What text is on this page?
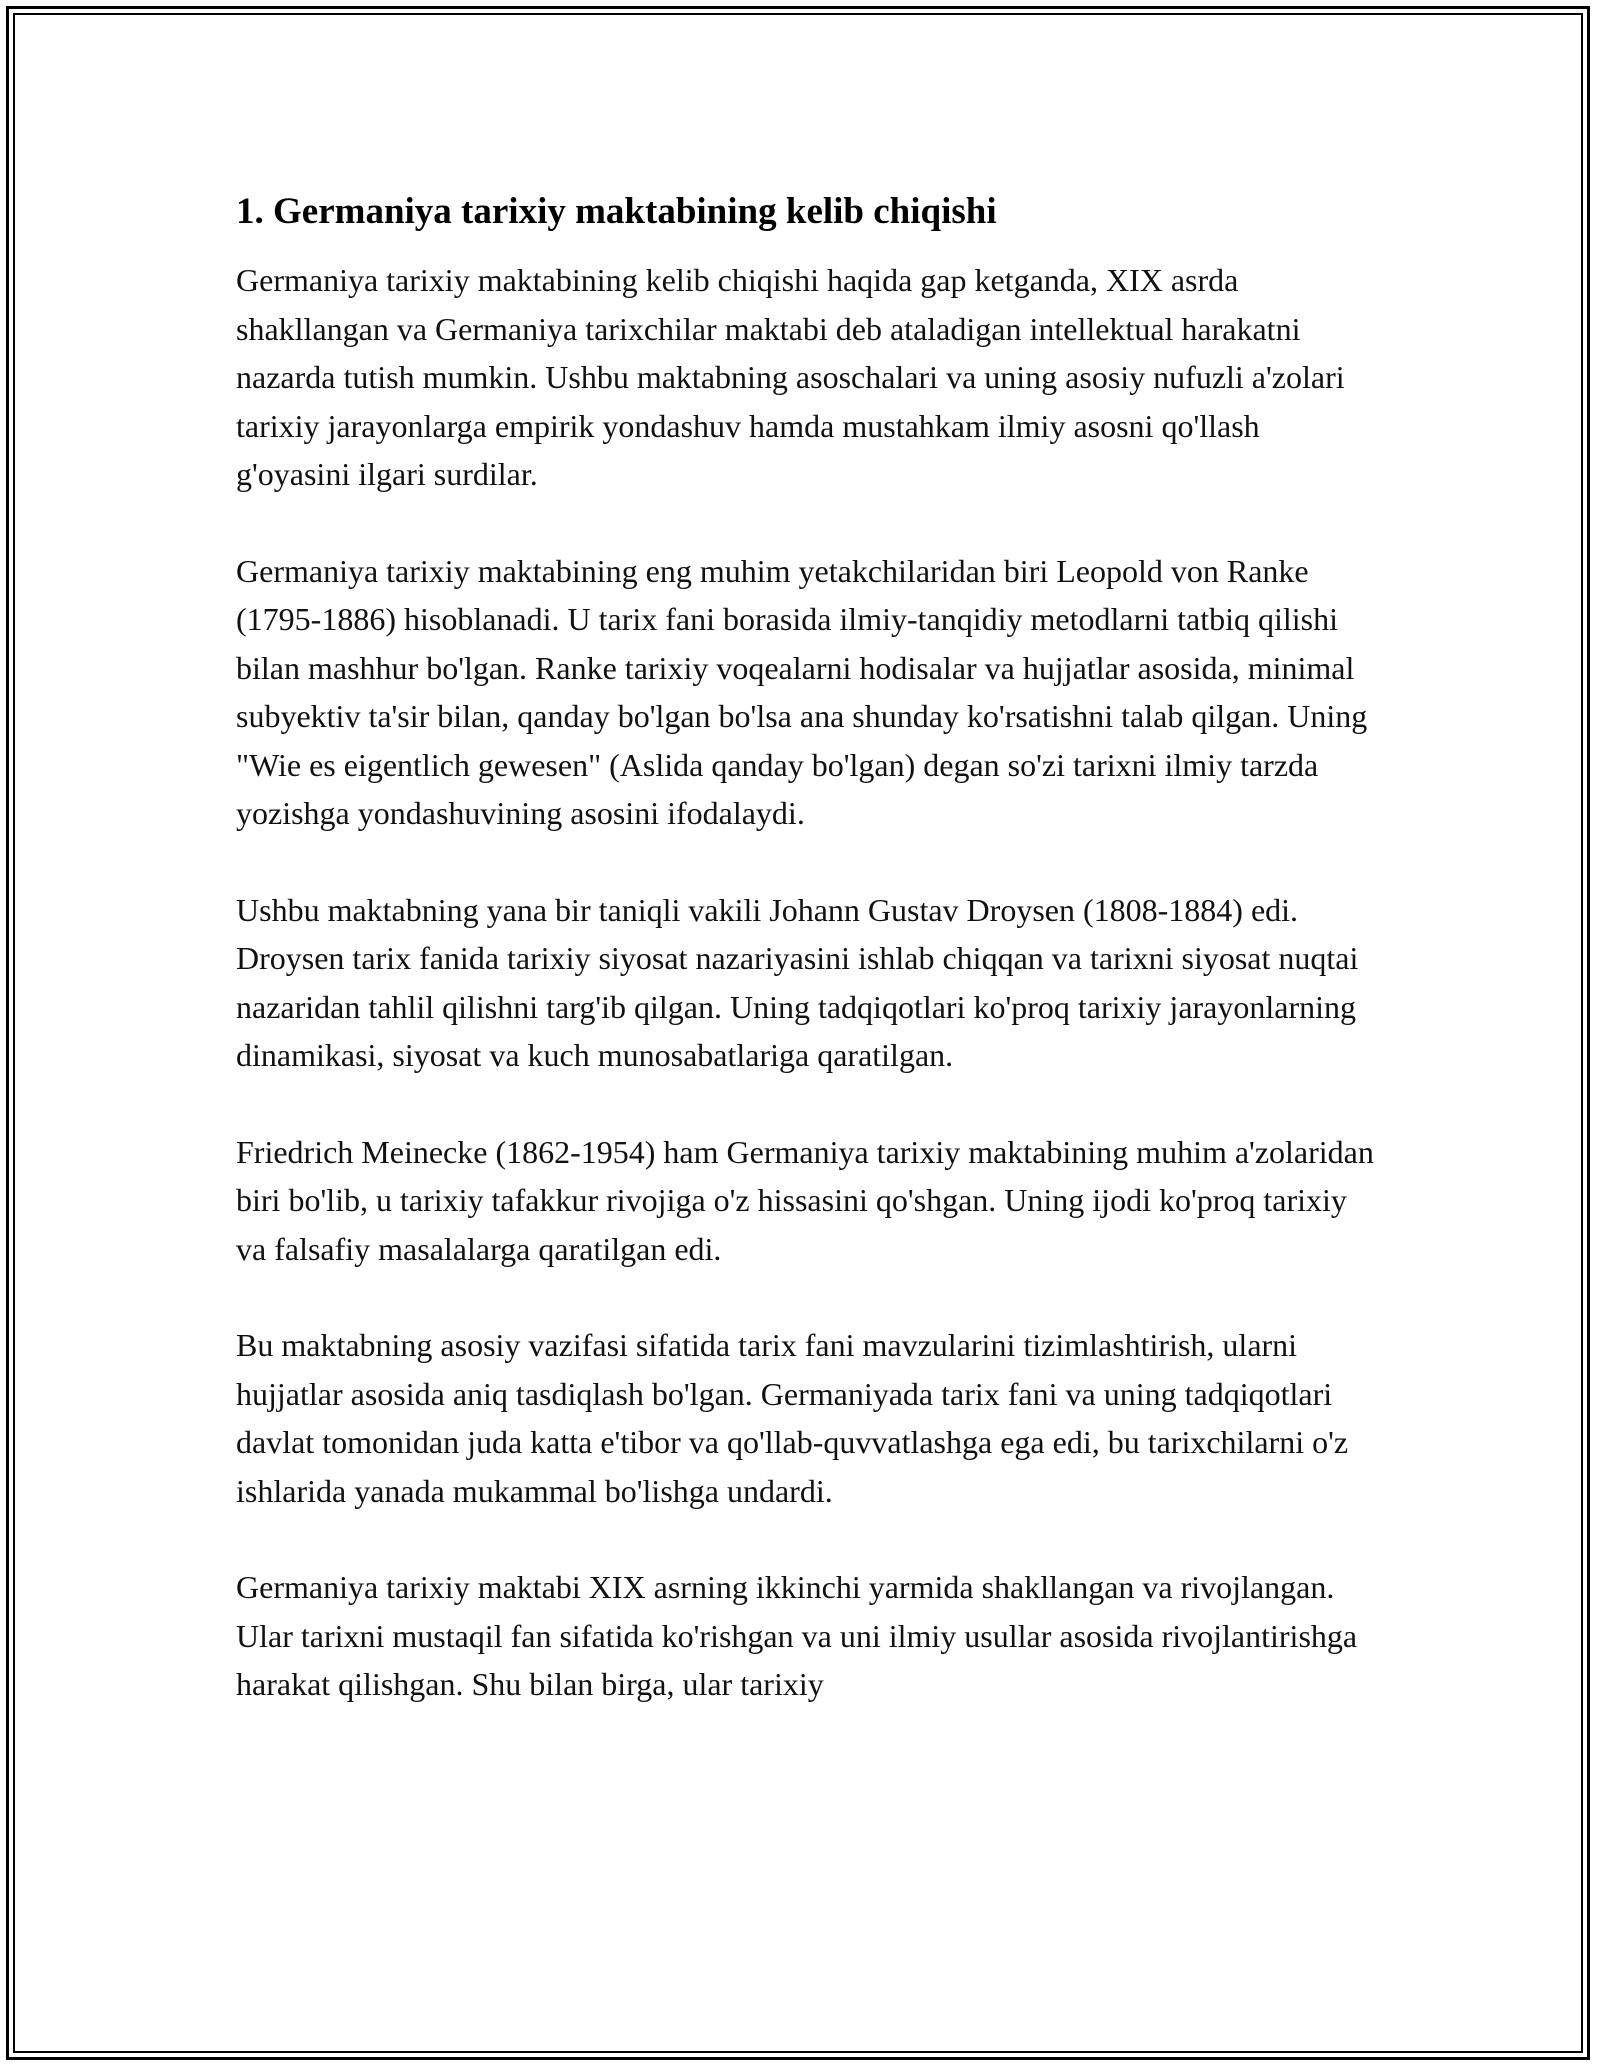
1. Germaniya tarixiy maktabining kelib chiqishi

Germaniya tarixiy maktabining kelib chiqishi haqida gap ketganda, XIX asrda shakllangan va Germaniya tarixchilar maktabi deb ataladigan intellektual harakatni nazarda tutish mumkin. Ushbu maktabning asoschalari va uning asosiy nufuzli a'zolari tarixiy jarayonlarga empirik yondashuv hamda mustahkam ilmiy asosni qo'llash g'oyasini ilgari surdilar.

Germaniya tarixiy maktabining eng muhim yetakchilaridan biri Leopold von Ranke (1795-1886) hisoblanadi. U tarix fani borasida ilmiy-tanqidiy metodlarni tatbiq qilishi bilan mashhur bo'lgan. Ranke tarixiy voqealarni hodisalar va hujjatlar asosida, minimal subyektiv ta'sir bilan, qanday bo'lgan bo'lsa ana shunday ko'rsatishni talab qilgan. Uning "Wie es eigentlich gewesen" (Aslida qanday bo'lgan) degan so'zi tarixni ilmiy tarzda yozishga yondashuvining asosini ifodalaydi.

Ushbu maktabning yana bir taniqli vakili Johann Gustav Droysen (1808-1884) edi. Droysen tarix fanida tarixiy siyosat nazariyasini ishlab chiqqan va tarixni siyosat nuqtai nazaridan tahlil qilishni targ'ib qilgan. Uning tadqiqotlari ko'proq tarixiy jarayonlarning dinamikasi, siyosat va kuch munosabatlariga qaratilgan.

Friedrich Meinecke (1862-1954) ham Germaniya tarixiy maktabining muhim a'zolaridan biri bo'lib, u tarixiy tafakkur rivojiga o'z hissasini qo'shgan. Uning ijodi ko'proq tarixiy va falsafiy masalalarga qaratilgan edi.

Bu maktabning asosiy vazifasi sifatida tarix fani mavzularini tizimlashtirish, ularni hujjatlar asosida aniq tasdiqlash bo'lgan. Germaniyada tarix fani va uning tadqiqotlari davlat tomonidan juda katta e'tibor va qo'llab-quvvatlashga ega edi, bu tarixchilarni o'z ishlarida yanada mukammal bo'lishga undardi.

Germaniya tarixiy maktabi XIX asrning ikkinchi yarmida shakllangan va rivojlangan. Ular tarixni mustaqil fan sifatida ko'rishgan va uni ilmiy usullar asosida rivojlantirishga harakat qilishgan. Shu bilan birga, ular tarixiy
